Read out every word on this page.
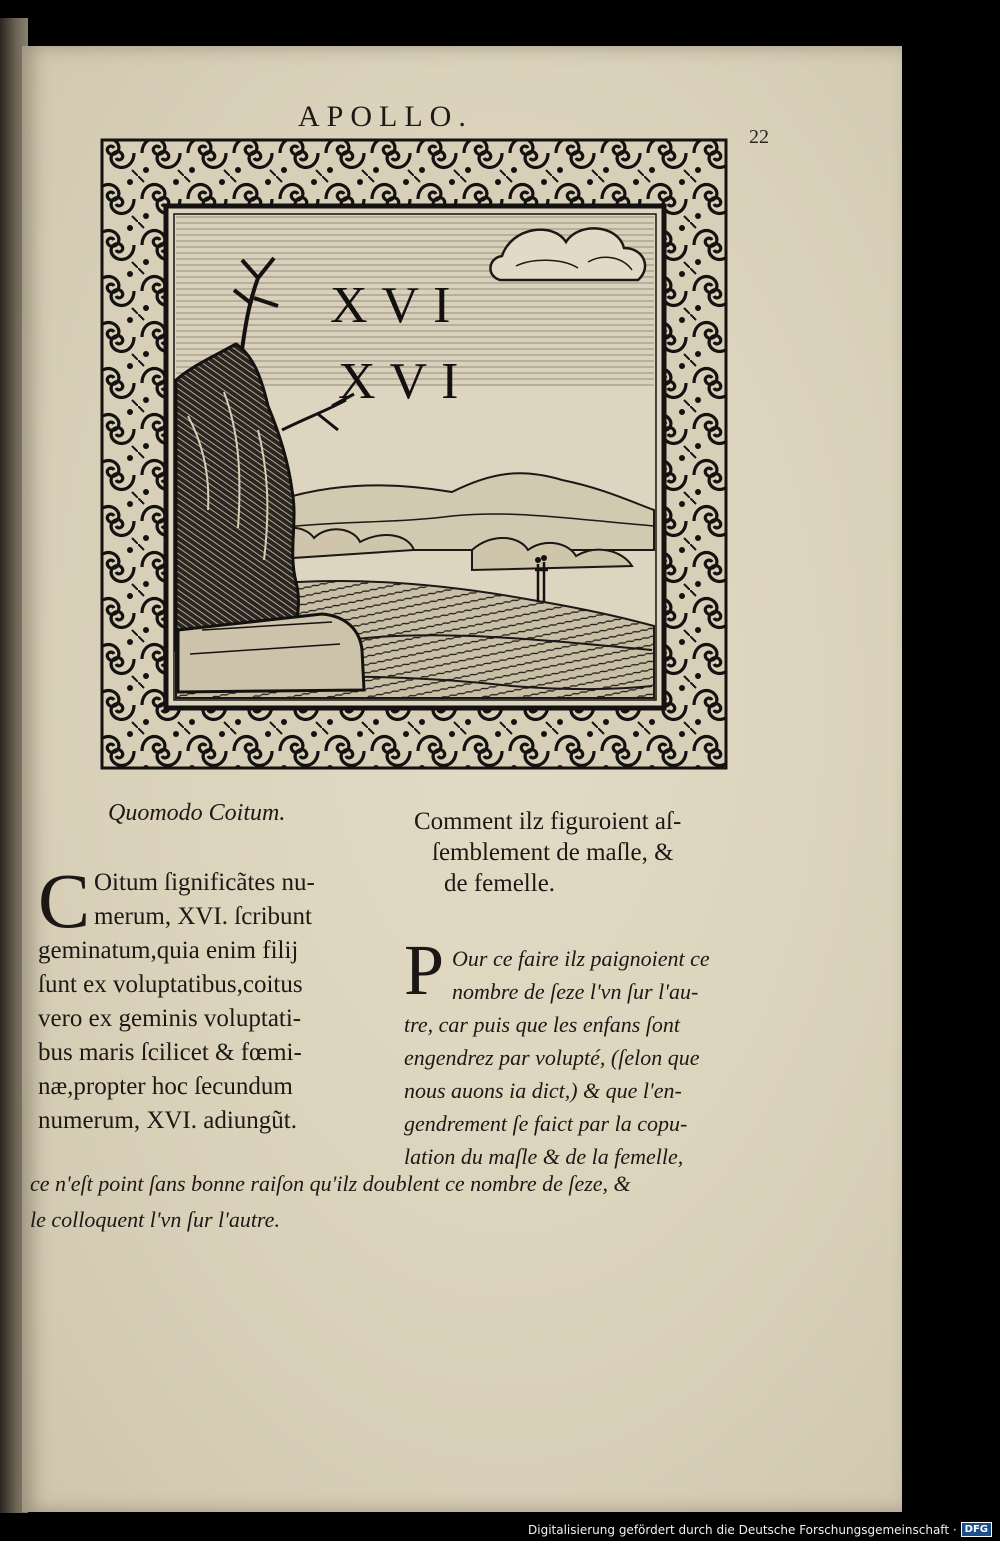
APOLLO.
22
XVI
XVI
Quomodo Coitum.
C Oitum ſignificãtes nu-
merum, XVI. ſcribunt
geminatum,quia enim filij
ſunt ex voluptatibus,coitus
vero ex geminis voluptati-
bus maris ſcilicet & fœmi-
næ,propter hoc ſecundum
numerum, XVI. adiungũt.
Comment ilz figuroient aſ-
ſemblement de maſle, &
de femelle.
P Our ce faire ilz paignoient ce
nombre de ſeze l'vn ſur l'au-
tre, car puis que les enfans ſont
engendrez par volupté, (ſelon que
nous auons ia dict,) & que l'en-
gendrement ſe faict par la copu-
lation du maſle & de la femelle,
ce n'eſt point ſans bonne raiſon qu'ilz doublent ce nombre de ſeze, &
le colloquent l'vn ſur l'autre.
Digitalisierung gefördert durch die Deutsche Forschungsgemeinschaft · DFG
